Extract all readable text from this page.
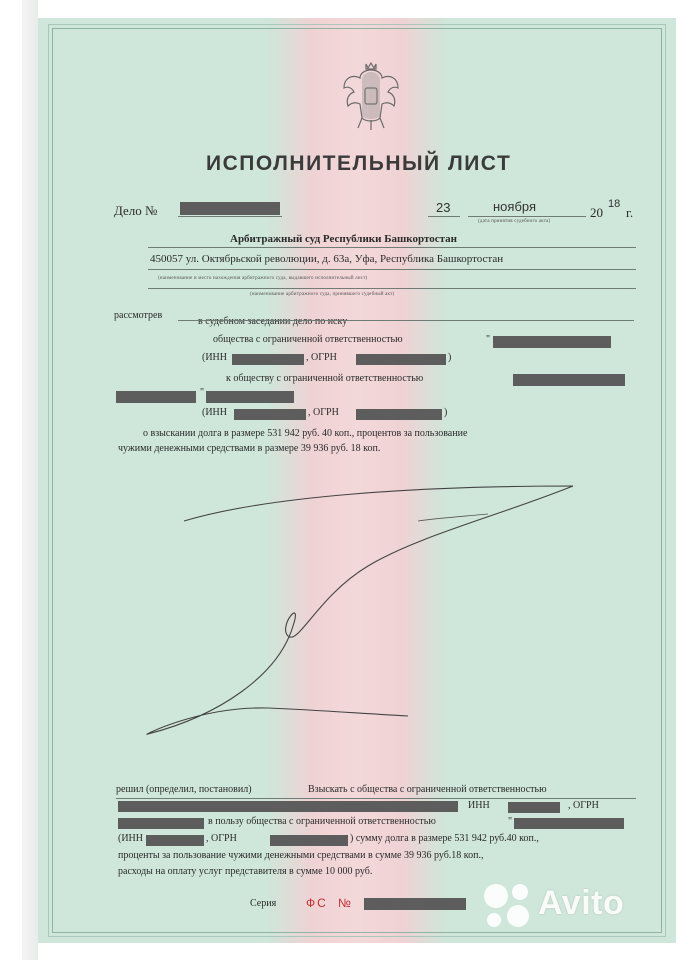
ИСПОЛНИТЕЛЬНЫЙ ЛИСТ
Дело №	23	ноября	20
18
г.
(дата принятия судебного акта)
Арбитражный суд Республики Башкортостан
450057 ул. Октябрьской революции, д. 63а, Уфа, Республика Башкортостан
(наименование и место нахождения арбитражного суда, выдавшего исполнительный лист)
(наименование арбитражного суда, принявшего судебный акт)
рассмотрев
в судебном заседании дело по иску
общества с ограниченной ответственностью	"
(ИНН	, ОГРН	)
к обществу с ограниченной ответственностью
"
(ИНН	, ОГРН	)
о взыскании долга в размере 531 942 руб. 40 коп., процентов за пользование
чужими денежными средствами в размере 39 936 руб. 18 коп.
решил (определил, постановил)	Взыскать с общества с ограниченной ответственностью
ИНН	, ОГРН
в пользу общества с ограниченной ответственностью	"
(ИНН	, ОГРН	) сумму долга в размере 531 942 руб.40 коп.,
проценты за пользование чужими денежными средствами в сумме 39 936 руб.18 коп.,
расходы на оплату услуг представителя в сумме 10 000 руб.
Серия ФС №	Avito
